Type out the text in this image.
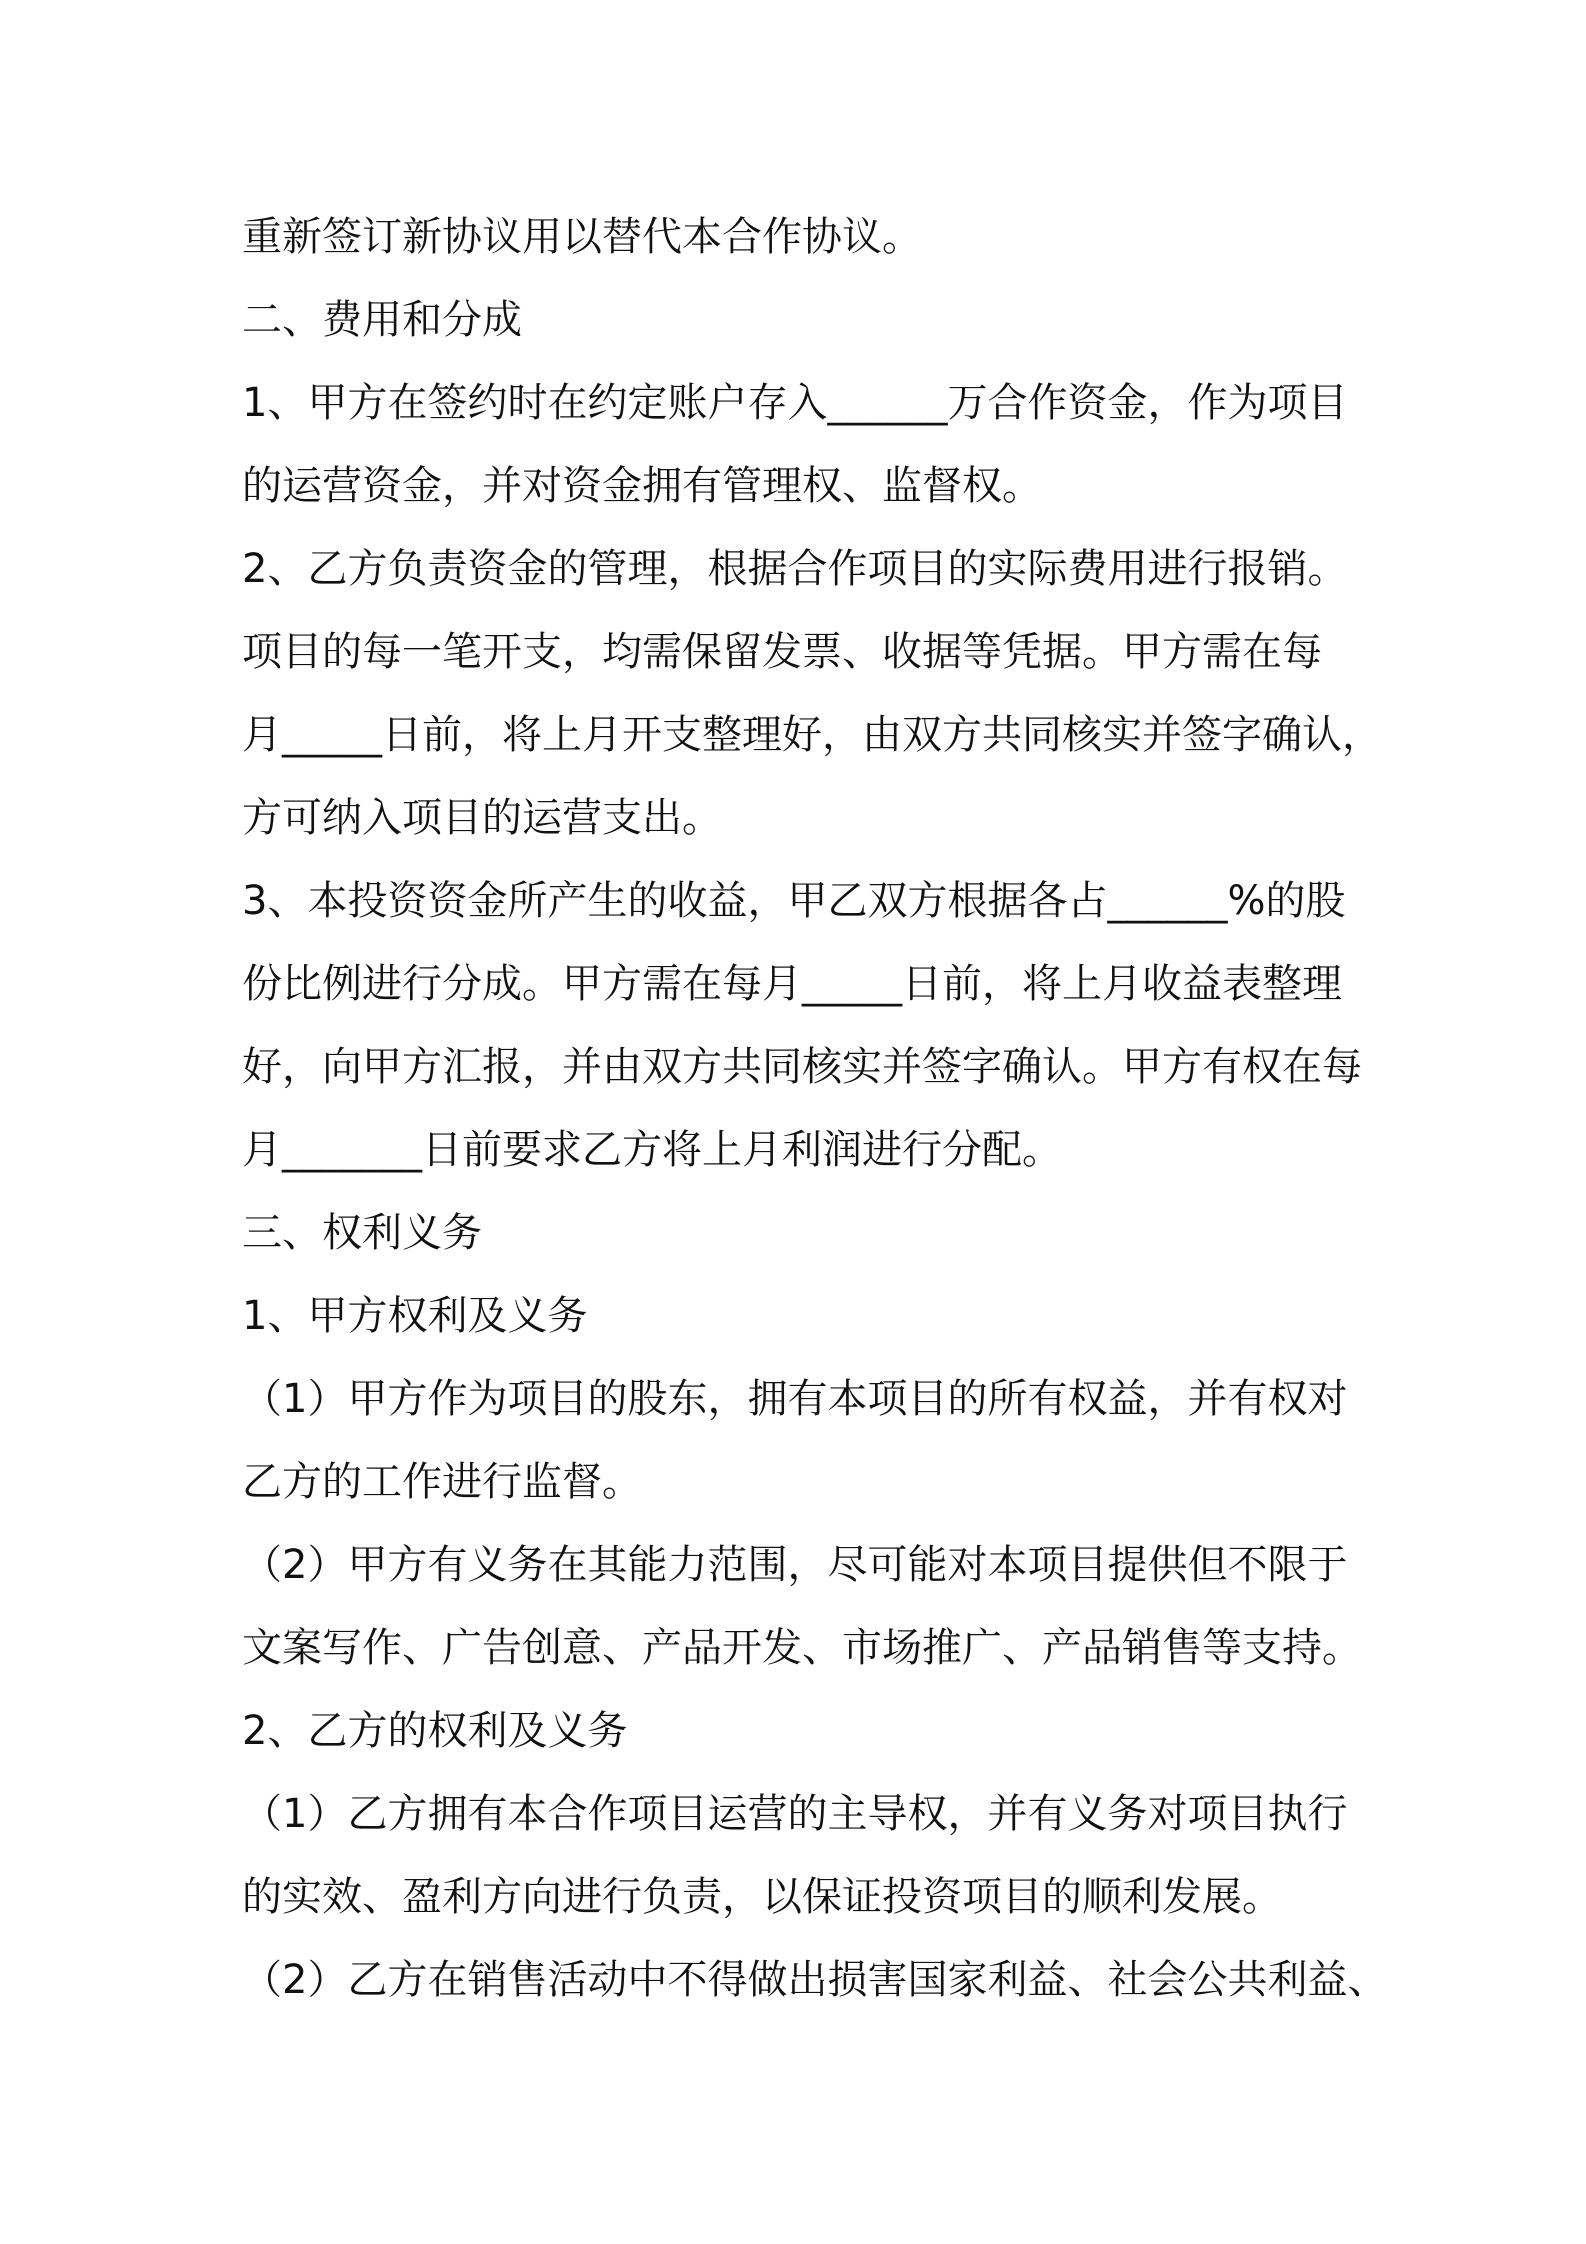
重新签订新协议用以替代本合作协议。
二、费用和分成
1、甲方在签约时在约定账户存入______万合作资金，作为项目
的运营资金，并对资金拥有管理权、监督权。
2、乙方负责资金的管理，根据合作项目的实际费用进行报销。
项目的每一笔开支，均需保留发票、收据等凭据。甲方需在每
月_____日前，将上月开支整理好，由双方共同核实并签字确认，
方可纳入项目的运营支出。
3、本投资资金所产生的收益，甲乙双方根据各占______%的股
份比例进行分成。甲方需在每月_____日前，将上月收益表整理
好，向甲方汇报，并由双方共同核实并签字确认。甲方有权在每
月_______日前要求乙方将上月利润进行分配。
三、权利义务
1、甲方权利及义务
（1）甲方作为项目的股东，拥有本项目的所有权益，并有权对
乙方的工作进行监督。
（2）甲方有义务在其能力范围，尽可能对本项目提供但不限于
文案写作、广告创意、产品开发、市场推广、产品销售等支持。
2、乙方的权利及义务
（1）乙方拥有本合作项目运营的主导权，并有义务对项目执行
的实效、盈利方向进行负责，以保证投资项目的顺利发展。
（2）乙方在销售活动中不得做出损害国家利益、社会公共利益、
